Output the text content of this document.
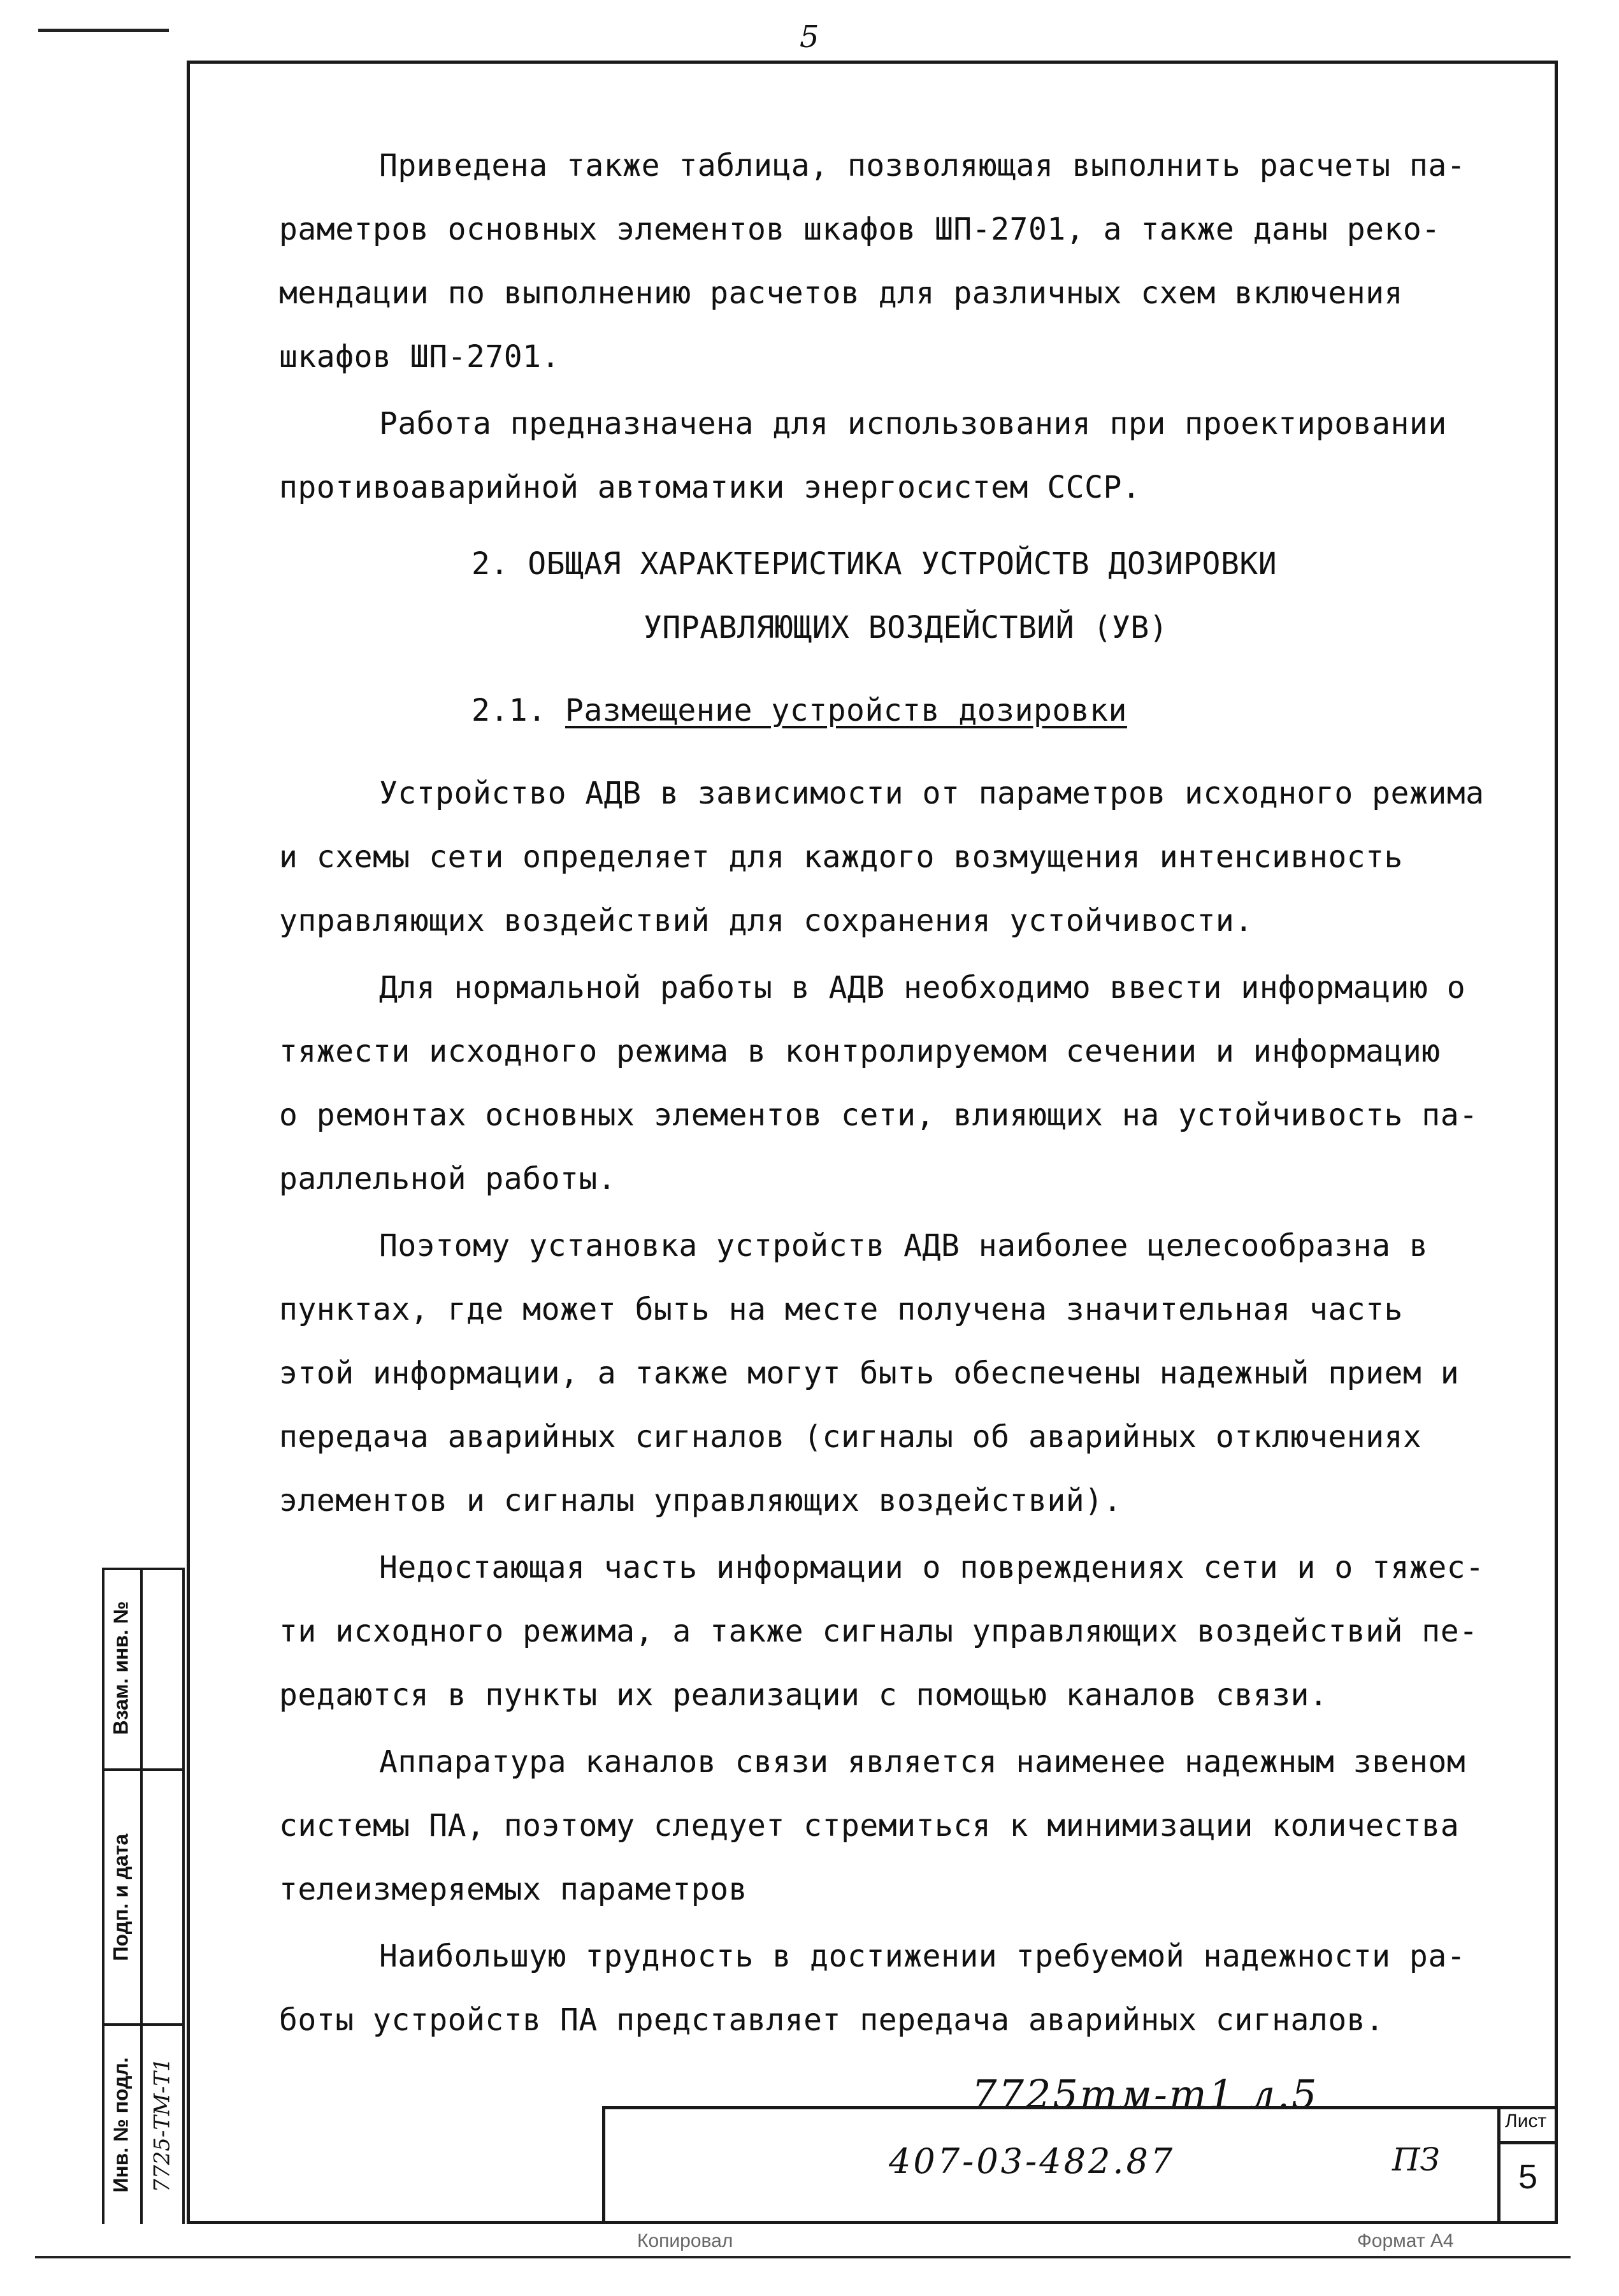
5
Приведена также таблица, позволяющая выполнить расчеты па-
раметров основных элементов шкафов ШП-2701, а также даны реко-
мендации по выполнению расчетов для различных схем включения
шкафов ШП-2701.
Работа предназначена для использования при проектировании
противоаварийной автоматики энергосистем СССР.
2. ОБЩАЯ ХАРАКТЕРИСТИКА УСТРОЙСТВ ДОЗИРОВКИ
УПРАВЛЯЮЩИХ ВОЗДЕЙСТВИЙ (УВ)
2.1. Размещение устройств дозировки
Устройство АДВ в зависимости от параметров исходного режима
и схемы сети определяет для каждого возмущения интенсивность
управляющих воздействий для сохранения устойчивости.
Для нормальной работы в АДВ необходимо ввести информацию о
тяжести исходного режима в контролируемом сечении и информацию
о ремонтах основных элементов сети, влияющих на устойчивость па-
раллельной работы.
Поэтому установка устройств АДВ наиболее целесообразна в
пунктах, где может быть на месте получена значительная часть
этой информации, а также могут быть обеспечены надежный прием и
передача аварийных сигналов (сигналы об аварийных отключениях
элементов и сигналы управляющих воздействий).
Недостающая часть информации о повреждениях сети и о тяжес-
ти исходного режима, а также сигналы управляющих воздействий пе-
редаются в пункты их реализации с помощью каналов связи.
Аппаратура каналов связи является наименее надежным звеном
системы ПА, поэтому следует стремиться к минимизации количества
телеизмеряемых параметров
Наибольшую трудность в достижении требуемой надежности ра-
боты устройств ПА представляет передача аварийных сигналов.
7725тм-т1 л.5
407-03-482.87	ПЗ
Лист
5
Взам. инв. №
Подп. и дата
Инв. № подл. 7725-ТМ-Т1
Копировал	Формат А4
